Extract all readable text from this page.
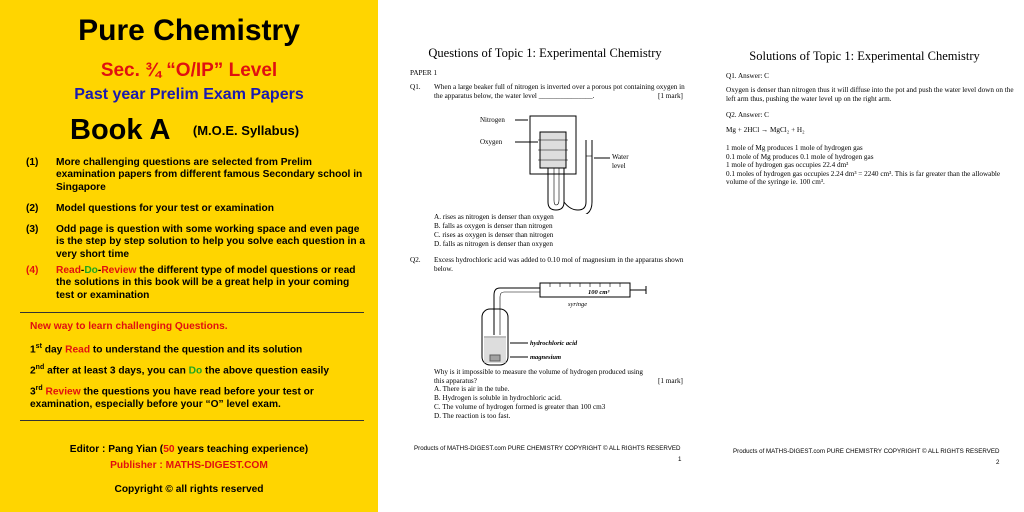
Pure Chemistry
Sec. ¾ “O/IP” Level
Past year Prelim Exam Papers
Book A $^{(M.O.E. Syllabus)}$
(1) More challenging questions are selected from Prelim examination papers from different famous Secondary school in Singapore
(2) Model questions for your test or examination
(3) Odd page is question with some working space and even page is the step by step solution to help you solve each question in a very short time
(4) Read-Do-Review the different type of model questions or read the solutions in this book will be a great help in your coming test or examination
New way to learn challenging Questions.
1st day Read to understand the question and its solution
2nd after at least 3 days, you can Do the above question easily
3rd Review the questions you have read before your test or examination, especially before your “O” level exam.
Editor : Pang Yian (50 years teaching experience)
Publisher : MATHS-DIGEST.COM
Copyright © all rights reserved
Questions of Topic 1: Experimental Chemistry
PAPER 1
Q1. When a large beaker full of nitrogen is inverted over a porous pot containing oxygen in the apparatus below, the water level _______________.	[1 mark]
Nitrogen
Oxygen
Water
level
A. rises as nitrogen is denser than oxygen
B. falls as oxygen is denser than nitrogen
C. rises as oxygen is denser than nitrogen
D. falls as nitrogen is denser than oxygen
Q2. Excess hydrochloric acid was added to 0.10 mol of magnesium in the apparatus shown below.
100 cm³
syringe
hydrochloric acid
magnesium
Why is it impossible to measure the volume of hydrogen produced using this apparatus?	[1 mark]
A. There is air in the tube.
B. Hydrogen is soluble in hydrochloric acid.
C. The volume of hydrogen formed is greater than 100 cm3
D. The reaction is too fast.
Products of MATHS-DIGEST.com PURE CHEMISTRY COPYRIGHT © ALL RIGHTS RESERVED
1
Solutions of Topic 1: Experimental Chemistry
Q1. Answer: C
Oxygen is denser than nitrogen thus it will diffuse into the pot and push the water level down on the left arm thus, pushing the water level up on the right arm.
Q2. Answer: C
Mg + 2HCl → MgCl₂ + H₂
1 mole of Mg produces 1 mole of hydrogen gas
0.1 mole of Mg produces 0.1 mole of hydrogen gas
1 mole of hydrogen gas occupies 22.4 dm³
0.1 moles of hydrogen gas occupies 2.24 dm³ = 2240 cm³. This is far greater than the allowable volume of the syringe ie. 100 cm³.
Products of MATHS-DIGEST.com PURE CHEMISTRY COPYRIGHT © ALL RIGHTS RESERVED
2
